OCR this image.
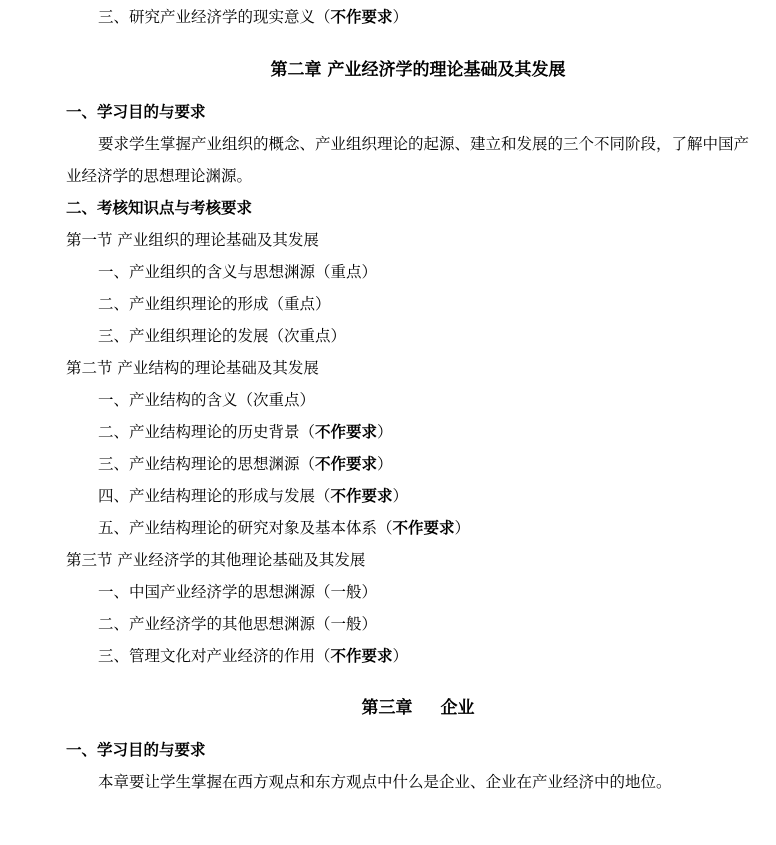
三、研究产业经济学的现实意义（不作要求）
第二章 产业经济学的理论基础及其发展
一、学习目的与要求
要求学生掌握产业组织的概念、产业组织理论的起源、建立和发展的三个不同阶段，了解中国产
业经济学的思想理论渊源。
二、考核知识点与考核要求
第一节 产业组织的理论基础及其发展
一、产业组织的含义与思想渊源（重点）
二、产业组织理论的形成（重点）
三、产业组织理论的发展（次重点）
第二节 产业结构的理论基础及其发展
一、产业结构的含义（次重点）
二、产业结构理论的历史背景（不作要求）
三、产业结构理论的思想渊源（不作要求）
四、产业结构理论的形成与发展（不作要求）
五、产业结构理论的研究对象及基本体系（不作要求）
第三节 产业经济学的其他理论基础及其发展
一、中国产业经济学的思想渊源（一般）
二、产业经济学的其他思想渊源（一般）
三、管理文化对产业经济的作用（不作要求）
第三章 企业
一、学习目的与要求
本章要让学生掌握在西方观点和东方观点中什么是企业、企业在产业经济中的地位。
